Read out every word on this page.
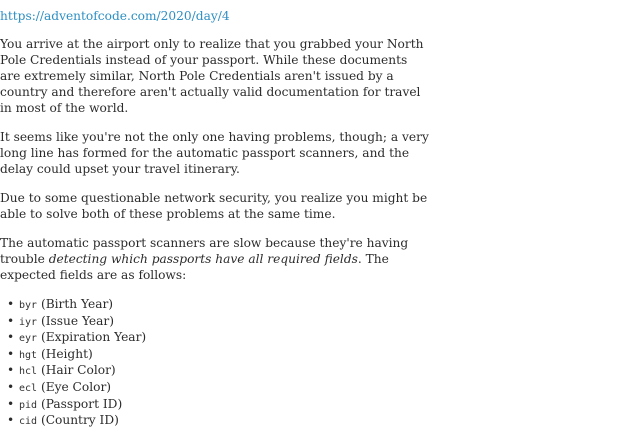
https://adventofcode.com/2020/day/4

You arrive at the airport only to realize that you grabbed your North Pole Credentials instead of your passport. While these documents are extremely similar, North Pole Credentials aren't issued by a country and therefore aren't actually valid documentation for travel in most of the world.

It seems like you're not the only one having problems, though; a very long line has formed for the automatic passport scanners, and the delay could upset your travel itinerary.

Due to some questionable network security, you realize you might be able to solve both of these problems at the same time.

The automatic passport scanners are slow because they're having trouble detecting which passports have all required fields. The expected fields are as follows:

• byr (Birth Year)
• iyr (Issue Year)
• eyr (Expiration Year)
• hgt (Height)
• hcl (Hair Color)
• ecl (Eye Color)
• pid (Passport ID)
• cid (Country ID)
